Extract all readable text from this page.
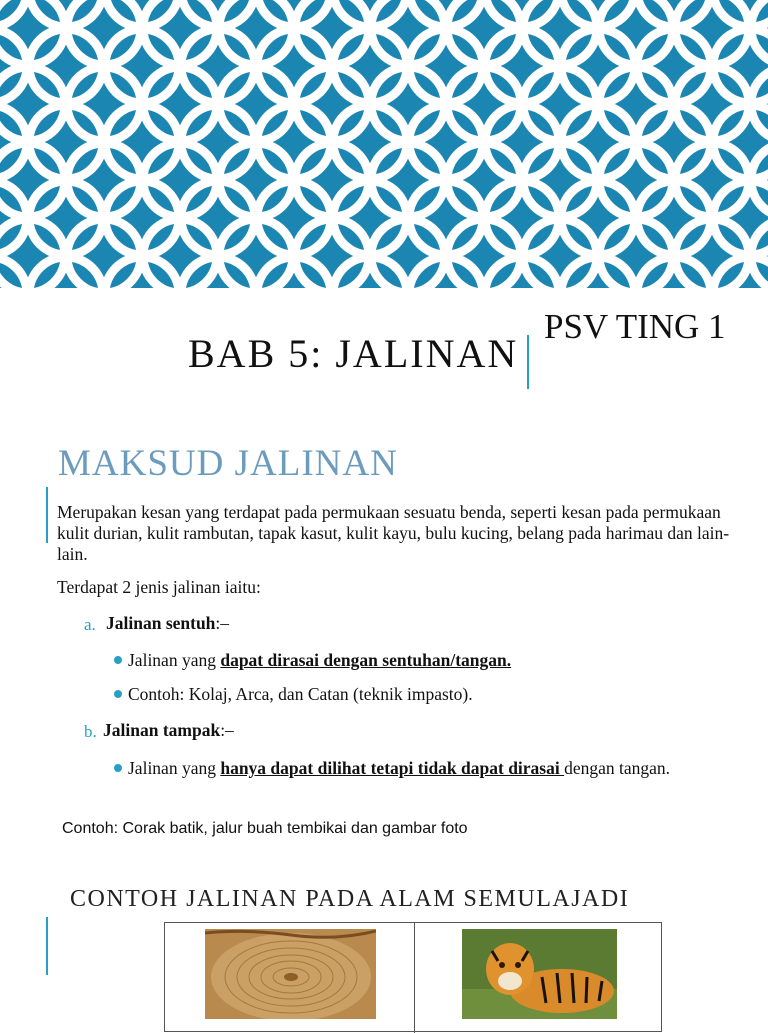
BAB 5: JALINAN
PSV TING 1
MAKSUD JALINAN
Merupakan kesan yang terdapat pada permukaan sesuatu benda, seperti kesan pada permukaan kulit durian, kulit rambutan, tapak kasut, kulit kayu, bulu kucing, belang pada harimau dan lain-lain.
Terdapat 2 jenis jalinan iaitu:
a. Jalinan sentuh:–
Jalinan yang dapat dirasai dengan sentuhan/tangan.
Contoh: Kolaj, Arca, dan Catan (teknik impasto).
b. Jalinan tampak:–
Jalinan yang hanya dapat dilihat tetapi tidak dapat dirasai dengan tangan.
Contoh: Corak batik, jalur buah tembikai dan gambar foto
CONTOH JALINAN PADA ALAM SEMULAJADI
